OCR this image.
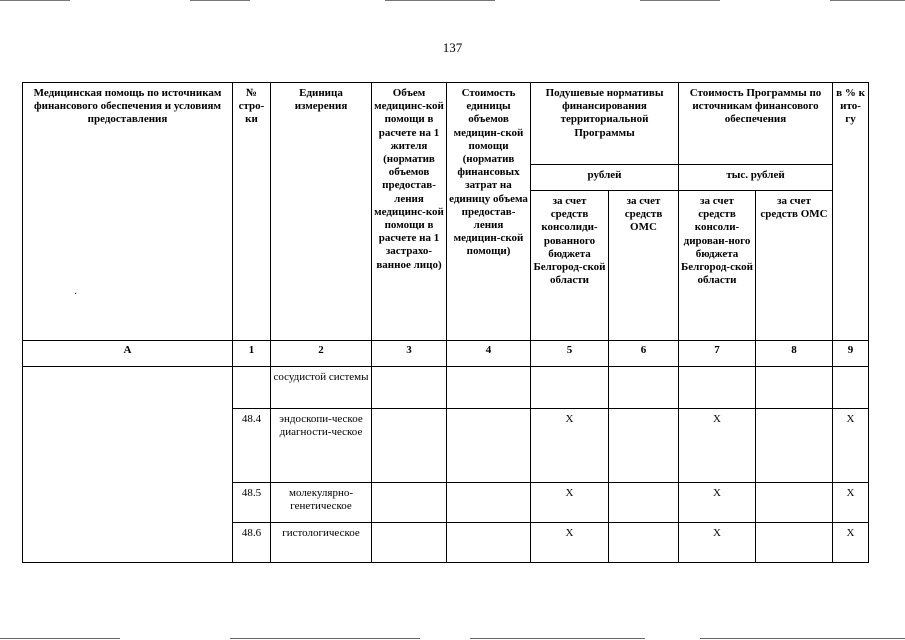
137
Медицинская помощь по источникам финансового обеспечения и условиям предоставления	№ стро-ки	Единица измерения	Объем медицинс-кой помощи в расчете на 1 жителя (норматив объемов предостав-ления медицинс-кой помощи в расчете на 1 застрахо-ванное лицо)	Стоимость единицы объемов медицин-ской помощи (норматив финансовых затрат на единицу объема предостав-ления медицин-ской помощи)	Подушевые нормативы финансирования территориальной Программы		Стоимость Программы по источникам финансового обеспечения		в % к ито-гу
					рублей		тыс. рублей		
					за счет средств консолиди-рованного бюджета Белгород-ской области	за счет средств ОМС	за счет средств консоли-дирован-ного бюджета Белгород-ской области	за счет средств ОМС	
А	1	2	3	4	5	6	7	8	9
		сосудистой системы							
	48.4	эндоскопи-ческое диагности-ческое			X		X		X
	48.5	молекулярно-генетическое			X		X		X
	48.6	гистологическое			X		X		X
·
